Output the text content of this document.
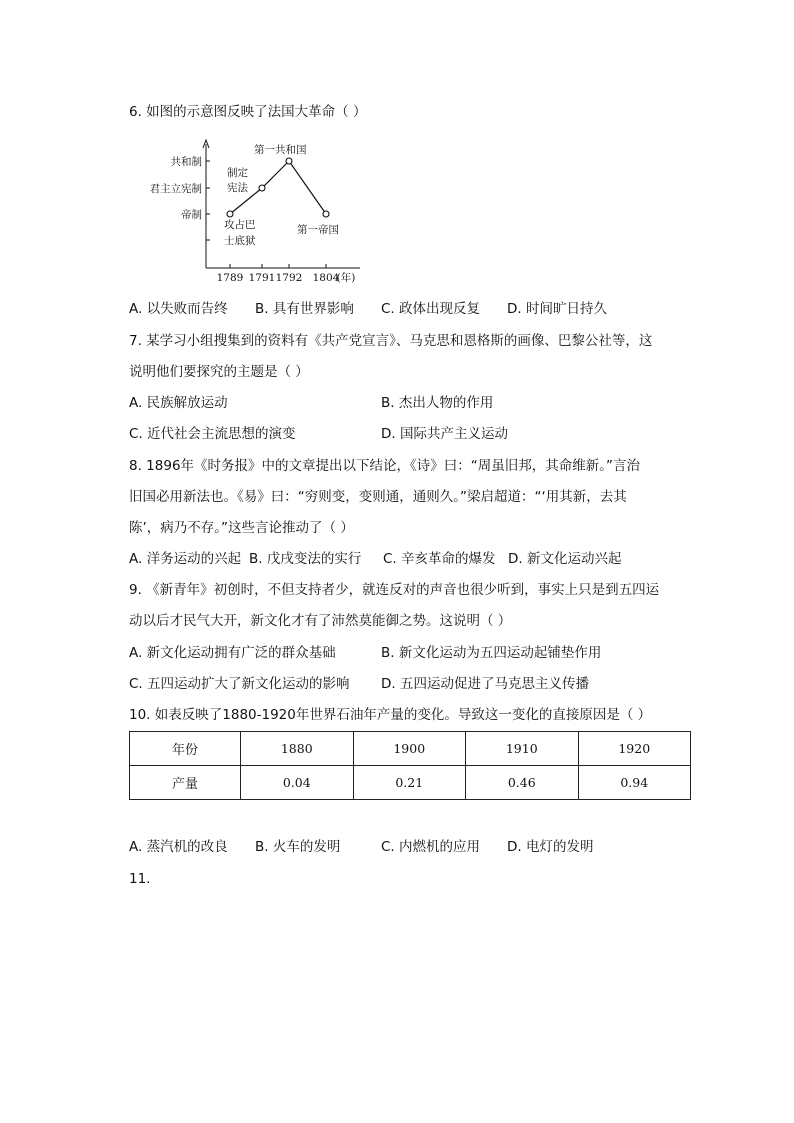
6. 如图的示意图反映了法国大革命（ ）
帝制
君主立宪制
共和制
1789 1791 1792 1804
(年)
攻占巴
士底狱
制定
宪法
第一共和国
第一帝国
A. 以失败而告终 B. 具有世界影响 C. 政体出现反复 D. 时间旷日持久
7. 某学习小组搜集到的资料有《共产党宣言》、马克思和恩格斯的画像、巴黎公社等，这
说明他们要探究的主题是（ ）
A. 民族解放运动	B. 杰出人物的作用
C. 近代社会主流思想的演变	D. 国际共产主义运动
8. 1896年《时务报》中的文章提出以下结论，《诗》曰：“周虽旧邦，其命维新。”言治
旧国必用新法也。《易》曰：“穷则变，变则通，通则久。”梁启超道：“‘用其新，去其
陈’，病乃不存。”这些言论推动了（ ）
A. 洋务运动的兴起 B. 戊戌变法的实行 C. 辛亥革命的爆发 D. 新文化运动兴起
9. 《新青年》初创时，不但支持者少，就连反对的声音也很少听到，事实上只是到五四运
动以后才民气大开，新文化才有了沛然莫能御之势。这说明（ ）
A. 新文化运动拥有广泛的群众基础	B. 新文化运动为五四运动起铺垫作用
C. 五四运动扩大了新文化运动的影响 D. 五四运动促进了马克思主义传播
10. 如表反映了1880-1920年世界石油年产量的变化。导致这一变化的直接原因是（ ）
年份	1880	1900	1910	1920
产量	0.04	0.21	0.46	0.94
A. 蒸汽机的改良 B. 火车的发明	C. 内燃机的应用 D. 电灯的发明
11.
